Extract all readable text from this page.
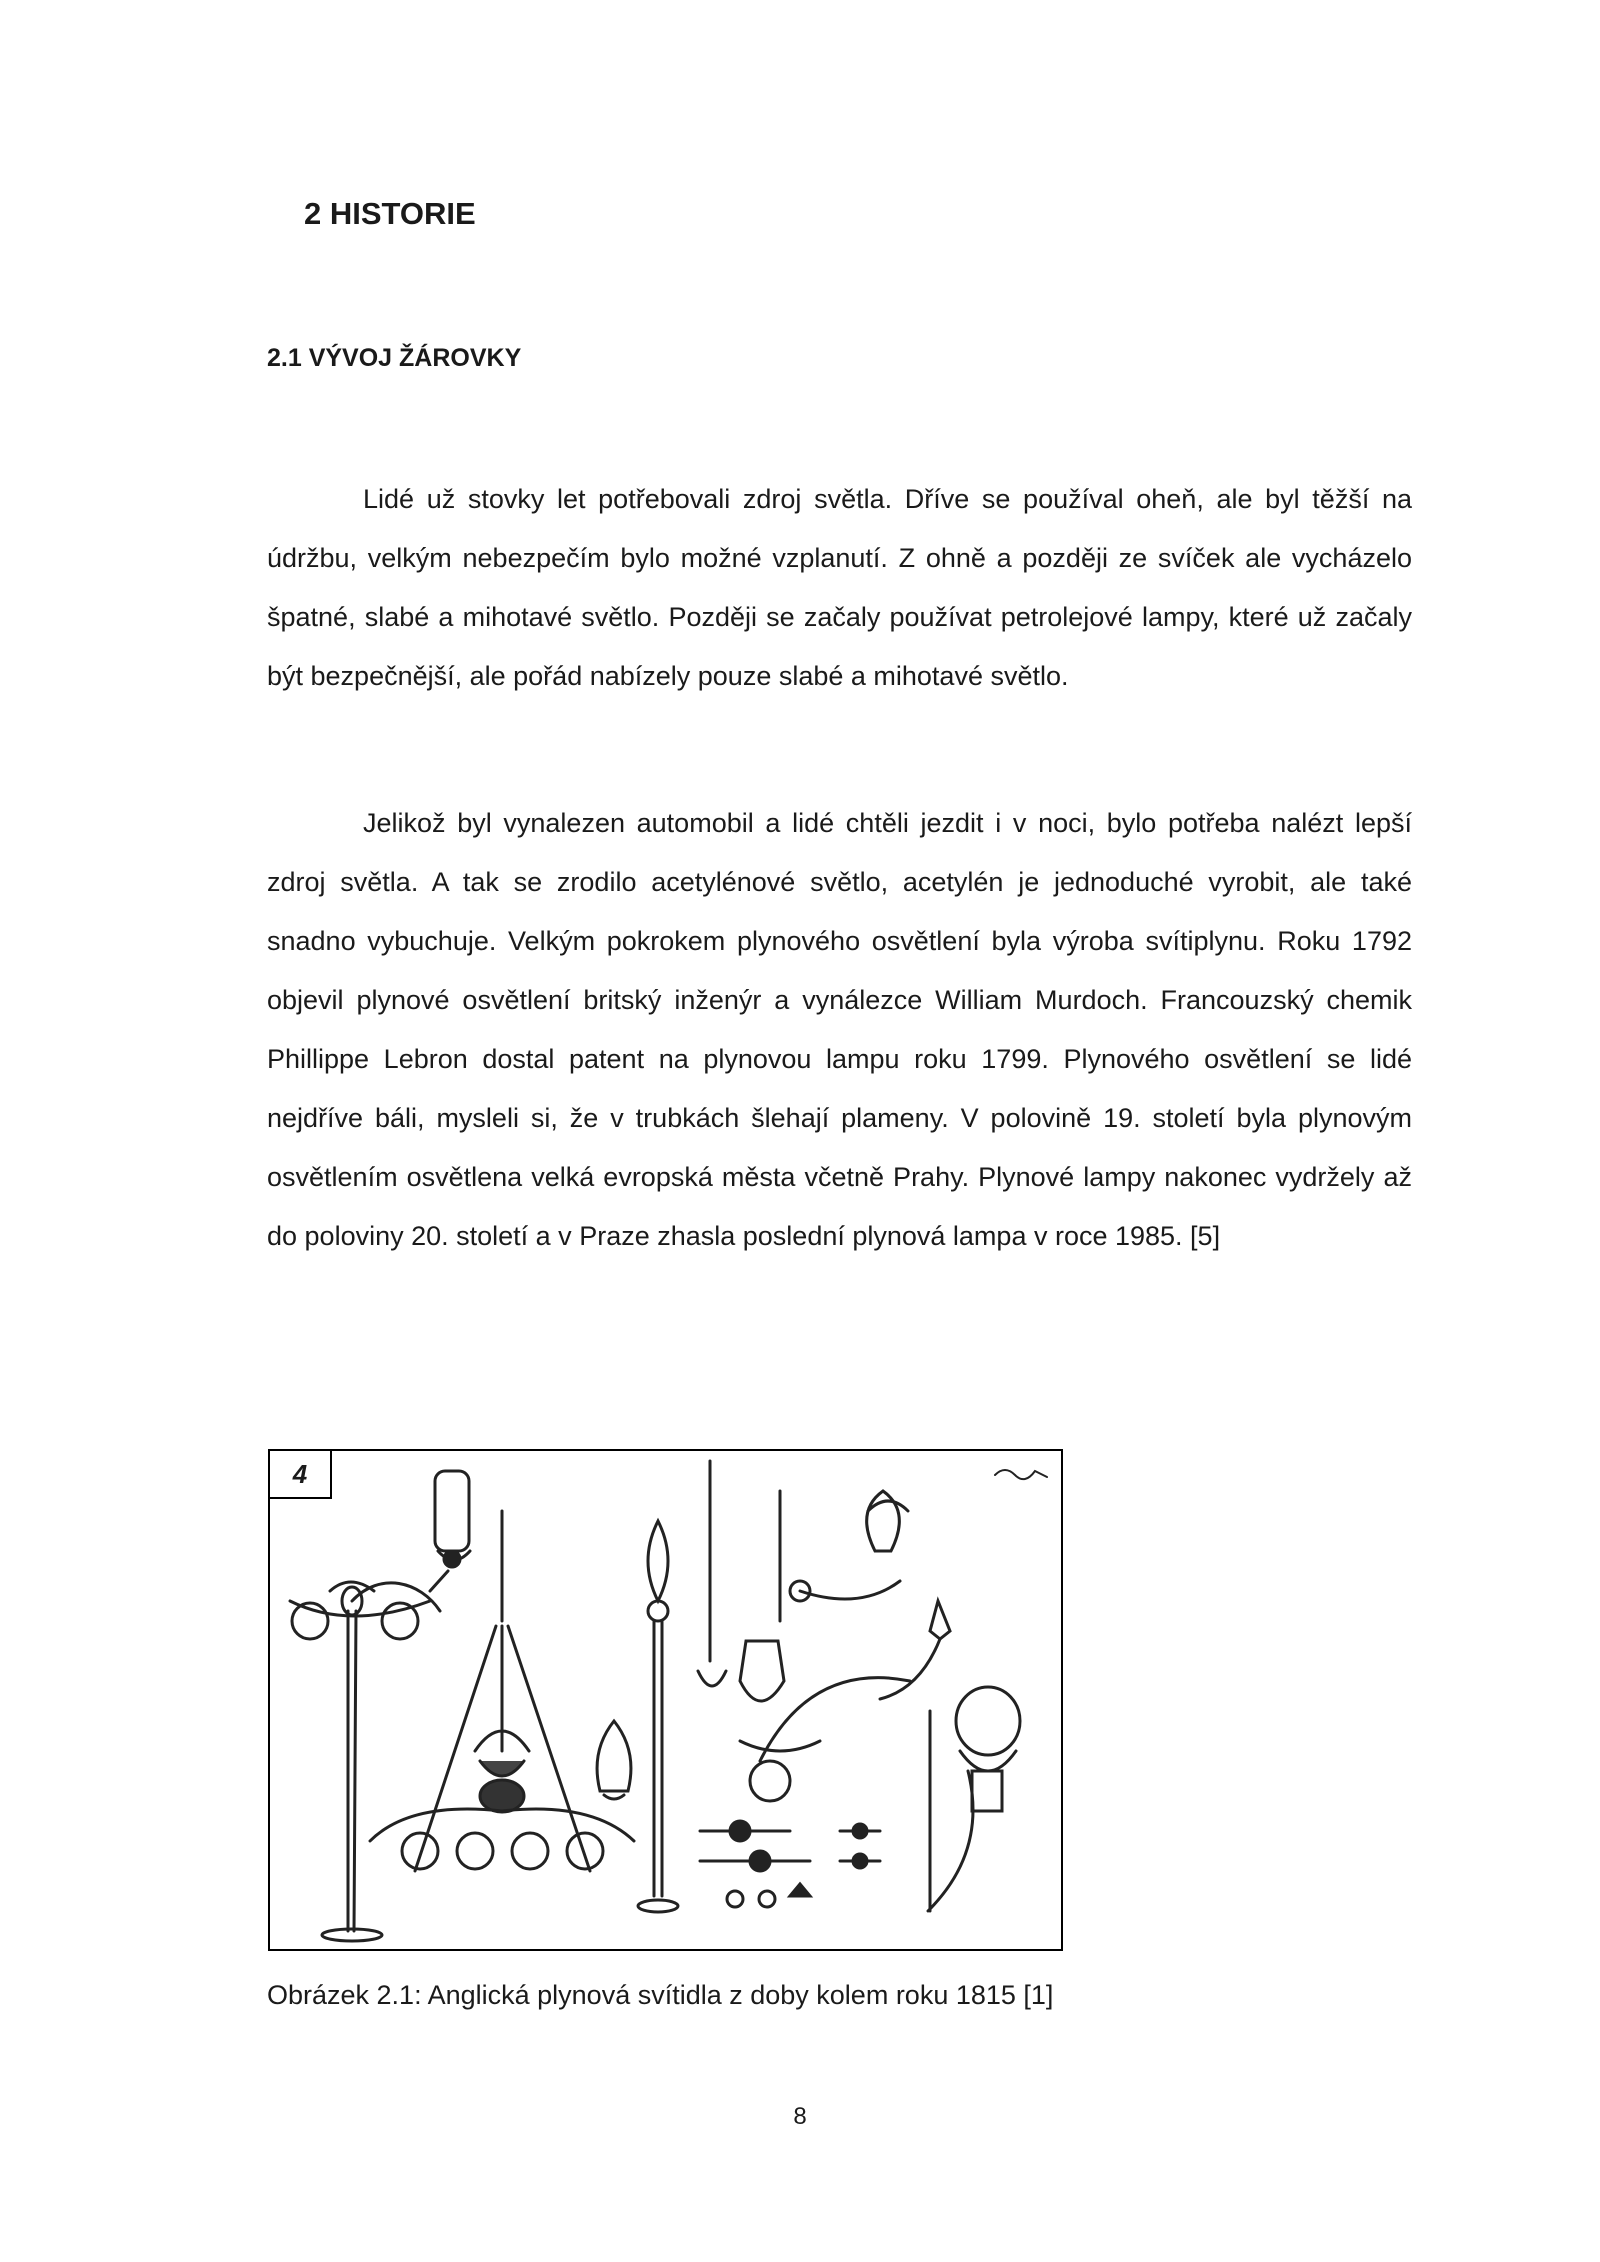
2 HISTORIE
2.1 VÝVOJ ŽÁROVKY

Lidé už stovky let potřebovali zdroj světla. Dříve se používal oheň, ale byl těžší na údržbu, velkým nebezpečím bylo možné vzplanutí. Z ohně a později ze svíček ale vycházelo špatné, slabé a mihotavé světlo. Později se začaly používat petrolejové lampy, které už začaly být bezpečnější, ale pořád nabízely pouze slabé a mihotavé světlo.

Jelikož byl vynalezen automobil a lidé chtěli jezdit i v noci, bylo potřeba nalézt lepší zdroj světla. A tak se zrodilo acetylénové světlo, acetylén je jednoduché vyrobit, ale také snadno vybuchuje. Velkým pokrokem plynového osvětlení byla výroba svítiplynu. Roku 1792 objevil plynové osvětlení britský inženýr a vynálezce William Murdoch. Francouzský chemik Phillippe Lebron dostal patent na plynovou lampu roku 1799. Plynového osvětlení se lidé nejdříve báli, mysleli si, že v trubkách šlehají plameny. V polovině 19. století byla plynovým osvětlením osvětlena velká evropská města včetně Prahy. Plynové lampy nakonec vydržely až do poloviny 20. století a v Praze zhasla poslední plynová lampa v roce 1985. [5]

4

Obrázek 2.1: Anglická plynová svítidla z doby kolem roku 1815 [1]

8
